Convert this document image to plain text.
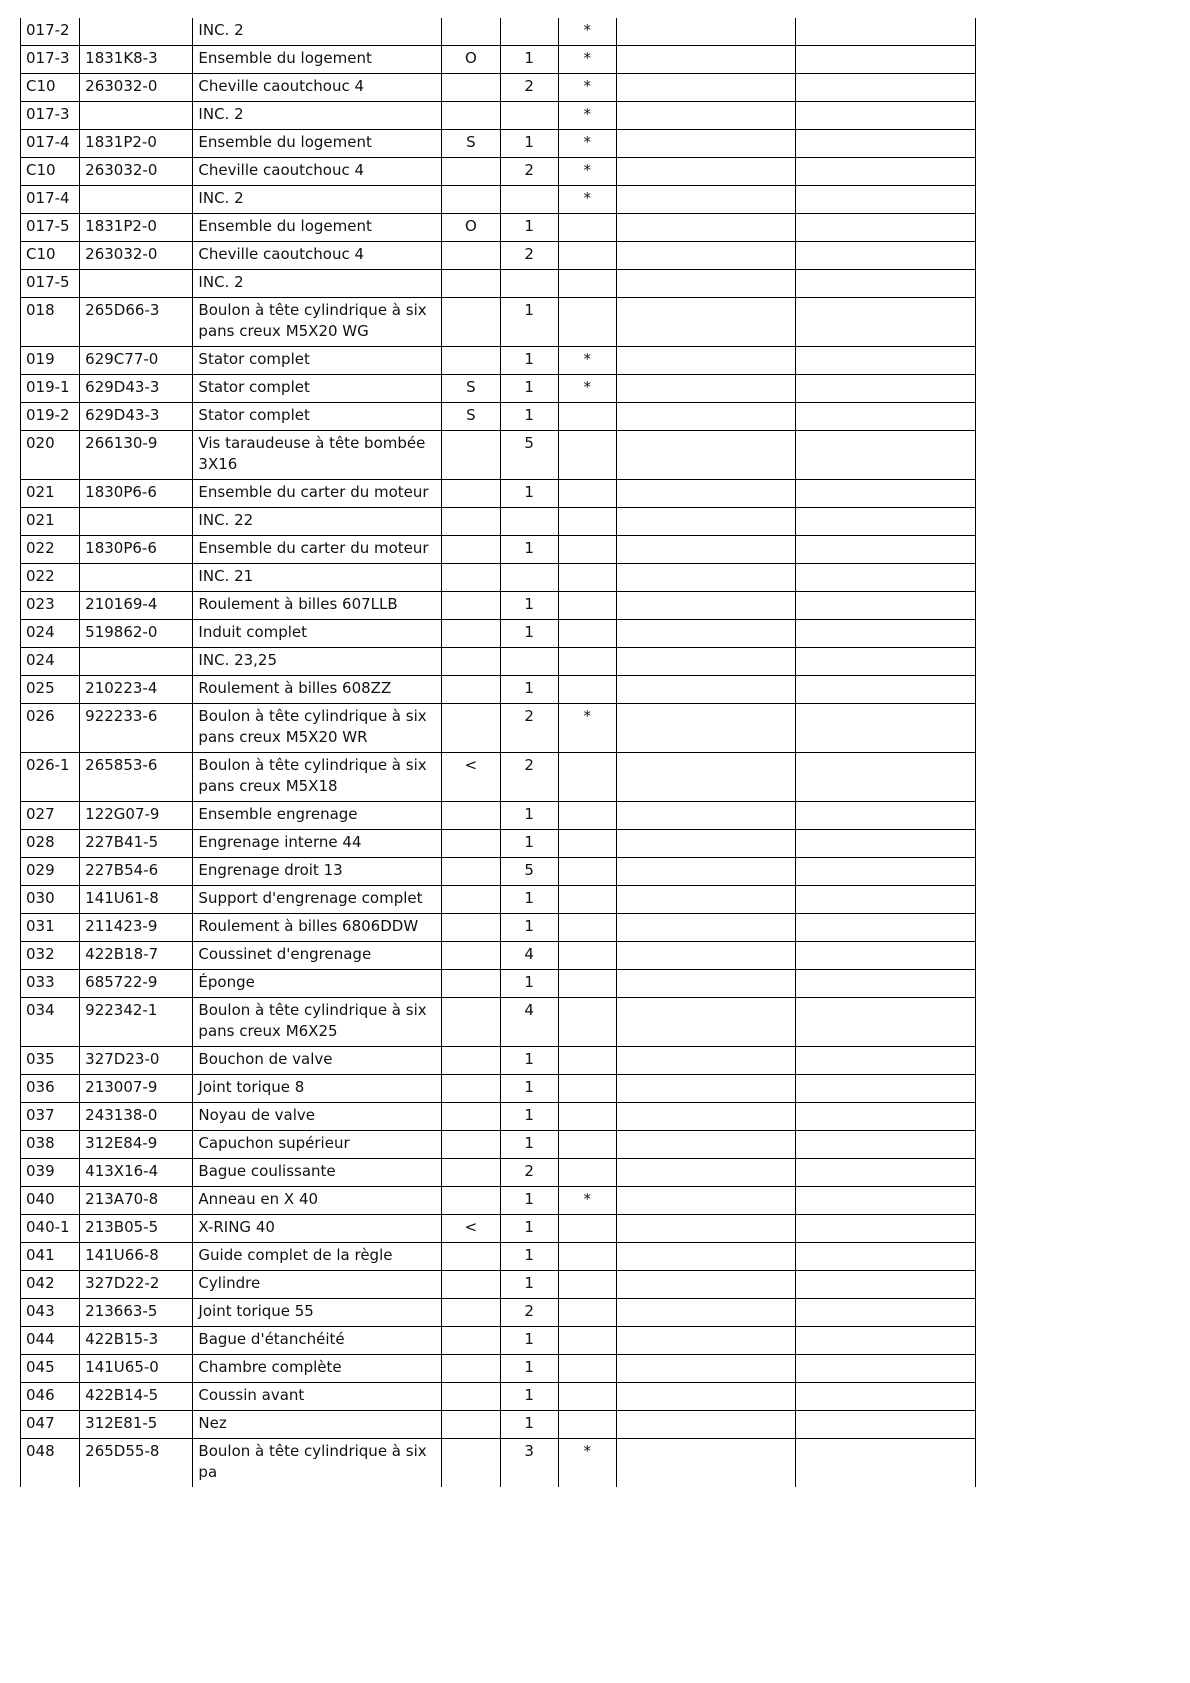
017-2		INC. 2			*		
017-3	1831K8-3	Ensemble du logement	O	1	*		
C10	263032-0	Cheville caoutchouc 4		2	*		
017-3		INC. 2			*		
017-4	1831P2-0	Ensemble du logement	S	1	*		
C10	263032-0	Cheville caoutchouc 4		2	*		
017-4		INC. 2			*		
017-5	1831P2-0	Ensemble du logement	O	1			
C10	263032-0	Cheville caoutchouc 4		2			
017-5		INC. 2					
018	265D66-3	Boulon à tête cylindrique à six pans creux M5X20 WG		1			
019	629C77-0	Stator complet		1	*		
019-1	629D43-3	Stator complet	S	1	*		
019-2	629D43-3	Stator complet	S	1			
020	266130-9	Vis taraudeuse à tête bombée 3X16		5			
021	1830P6-6	Ensemble du carter du moteur		1			
021		INC. 22					
022	1830P6-6	Ensemble du carter du moteur		1			
022		INC. 21					
023	210169-4	Roulement à billes 607LLB		1			
024	519862-0	Induit complet		1			
024		INC. 23,25					
025	210223-4	Roulement à billes 608ZZ		1			
026	922233-6	Boulon à tête cylindrique à six pans creux M5X20 WR		2	*		
026-1	265853-6	Boulon à tête cylindrique à six pans creux M5X18	<	2			
027	122G07-9	Ensemble engrenage		1			
028	227B41-5	Engrenage interne 44		1			
029	227B54-6	Engrenage droit 13		5			
030	141U61-8	Support d'engrenage complet		1			
031	211423-9	Roulement à billes 6806DDW		1			
032	422B18-7	Coussinet d'engrenage		4			
033	685722-9	Éponge		1			
034	922342-1	Boulon à tête cylindrique à six pans creux M6X25		4			
035	327D23-0	Bouchon de valve		1			
036	213007-9	Joint torique 8		1			
037	243138-0	Noyau de valve		1			
038	312E84-9	Capuchon supérieur		1			
039	413X16-4	Bague coulissante		2			
040	213A70-8	Anneau en X 40		1	*		
040-1	213B05-5	X-RING 40	<	1			
041	141U66-8	Guide complet de la règle		1			
042	327D22-2	Cylindre		1			
043	213663-5	Joint torique 55		2			
044	422B15-3	Bague d'étanchéité		1			
045	141U65-0	Chambre complète		1			
046	422B14-5	Coussin avant		1			
047	312E81-5	Nez		1			
048	265D55-8	Boulon à tête cylindrique à six pa		3	*		
